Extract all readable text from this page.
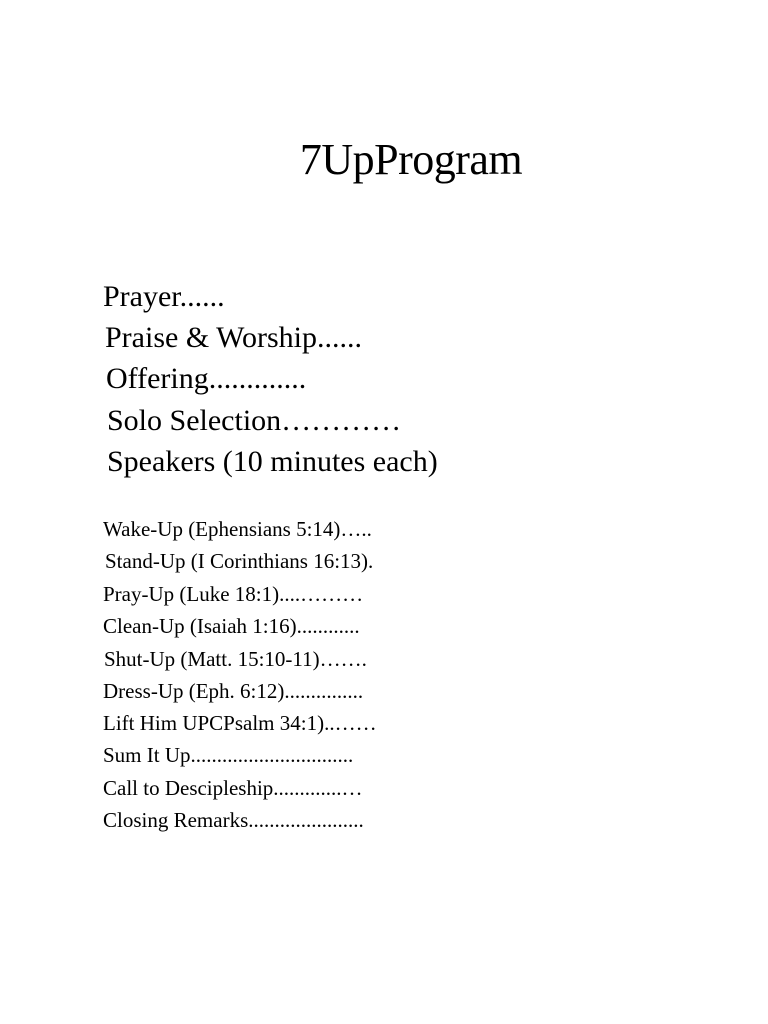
7UpProgram
Prayer......
Praise & Worship......
Offering.............
Solo Selection…………
Speakers (10 minutes each)
Wake-Up (Ephensians 5:14)…..
Stand-Up (I Corinthians 16:13).
Pray-Up (Luke 18:1)....………
Clean-Up (Isaiah 1:16)............
Shut-Up (Matt. 15:10-11)…….
Dress-Up (Eph. 6:12)...............
Lift Him UPCPsalm 34:1)..……
Sum It Up...............................
Call to Descipleship.............…
Closing Remarks......................
